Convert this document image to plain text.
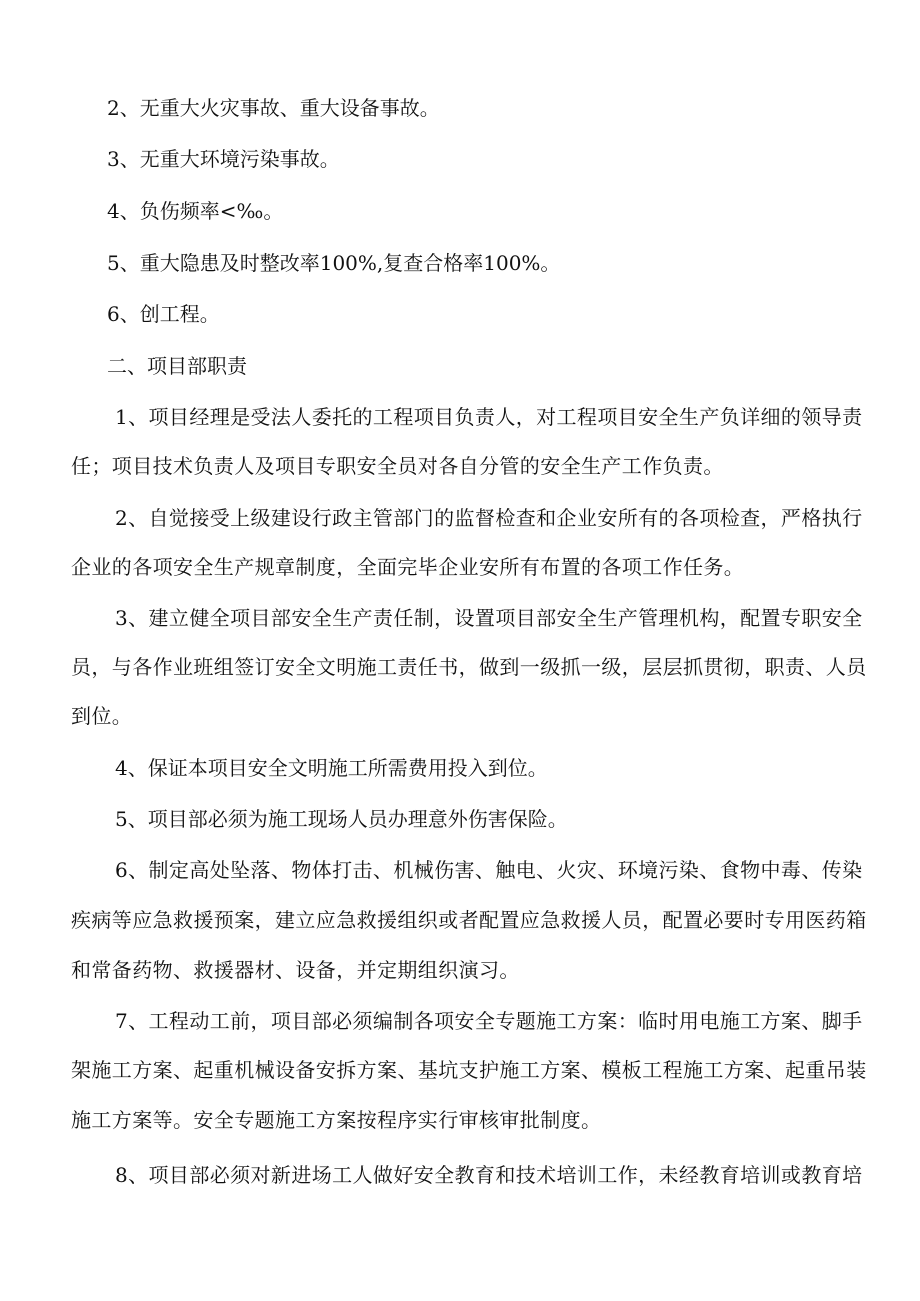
2、无重大火灾事故、重大设备事故。
3、无重大环境污染事故。
4、负伤频率<‰。
5、重大隐患及时整改率100%,复查合格率100%。
6、创工程。
二、项目部职责
1、项目经理是受法人委托的工程项目负责人，对工程项目安全生产负详细的领导责
任；项目技术负责人及项目专职安全员对各自分管的安全生产工作负责。
2、自觉接受上级建设行政主管部门的监督检查和企业安所有的各项检查，严格执行
企业的各项安全生产规章制度，全面完毕企业安所有布置的各项工作任务。
3、建立健全项目部安全生产责任制，设置项目部安全生产管理机构，配置专职安全
员，与各作业班组签订安全文明施工责任书，做到一级抓一级，层层抓贯彻，职责、人员
到位。
4、保证本项目安全文明施工所需费用投入到位。
5、项目部必须为施工现场人员办理意外伤害保险。
6、制定高处坠落、物体打击、机械伤害、触电、火灾、环境污染、食物中毒、传染
疾病等应急救援预案，建立应急救援组织或者配置应急救援人员，配置必要时专用医药箱
和常备药物、救援器材、设备，并定期组织演习。
7、工程动工前，项目部必须编制各项安全专题施工方案：临时用电施工方案、脚手
架施工方案、起重机械设备安拆方案、基坑支护施工方案、模板工程施工方案、起重吊装
施工方案等。安全专题施工方案按程序实行审核审批制度。
8、项目部必须对新进场工人做好安全教育和技术培训工作，未经教育培训或教育培
